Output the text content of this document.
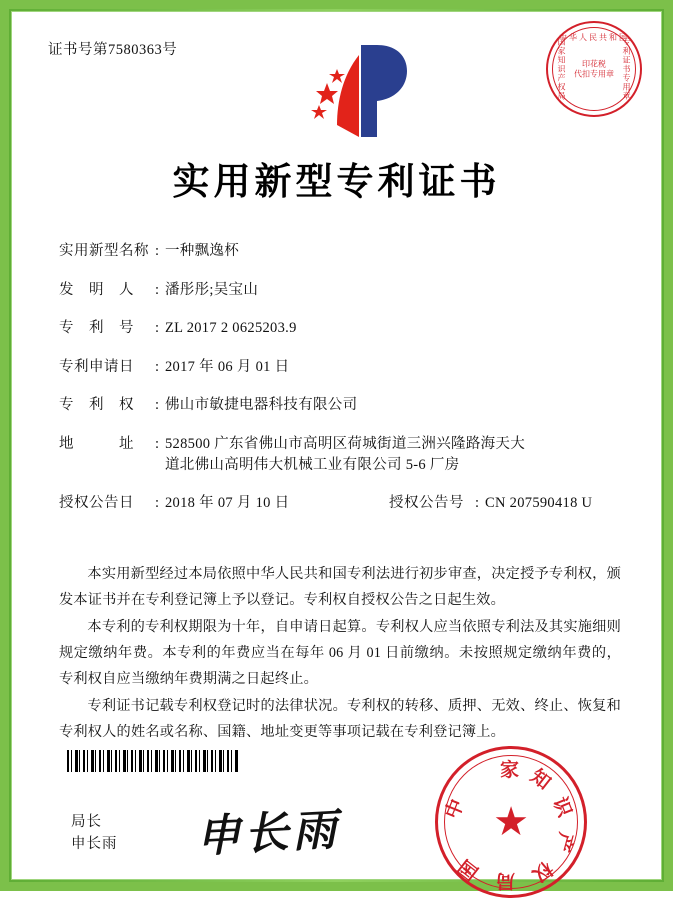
证书号第7580363号
中华人民共和国
国家知识产权局	专利证书专用章
印花税
代扣专用章
实用新型专利证书
实用新型名称 : 一种飘逸杯
发　明　人	: 潘彤彤;吴宝山
专　利　号	: ZL 2017 2 0625203.9
专利申请日	: 2017 年 06 月 01 日
专　利　权	: 佛山市敏捷电器科技有限公司
地　　　址	: 528500 广东省佛山市高明区荷城街道三洲兴隆路海天大
道北佛山高明伟大机械工业有限公司 5-6 厂房
授权公告日	: 2018 年 07 月 10 日	授权公告号 : CN 207590418 U

本实用新型经过本局依照中华人民共和国专利法进行初步审查，决定授予专利权，颁发本证书并在专利登记簿上予以登记。专利权自授权公告之日起生效。

本专利的专利权期限为十年，自申请日起算。专利权人应当依照专利法及其实施细则规定缴纳年费。本专利的年费应当在每年 06 月 01 日前缴纳。未按照规定缴纳年费的，专利权自应当缴纳年费期满之日起终止。

专利证书记载专利权登记时的法律状况。专利权的转移、质押、无效、终止、恢复和专利权人的姓名或名称、国籍、地址变更等事项记载在专利登记簿上。

局长
申长雨 申长雨
家 知
识
产
权
局
国
中 ★
